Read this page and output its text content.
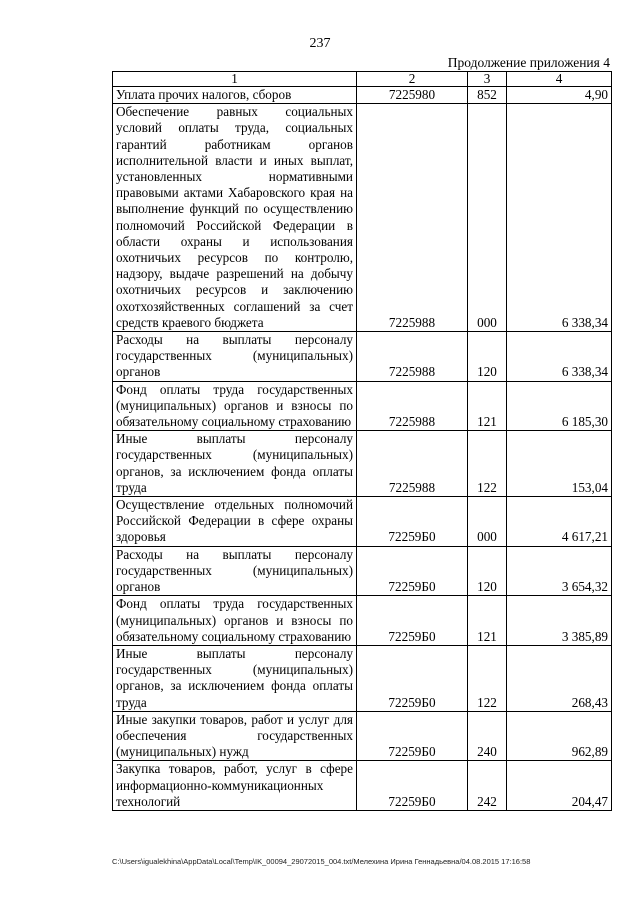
237
Продолжение приложения 4
1	2	3	4
Уплата прочих налогов, сборов	7225980	852	4,90
Обеспечение равных социальных условий оплаты труда, социальных гарантий работникам органов исполнительной власти и иных выплат, установленных нормативными правовыми актами Хабаровского края на выполнение функций по осуществлению полномочий Российской Федерации в области охраны и использования охотничьих ресурсов по контролю, надзору, выдаче разрешений на добычу охотничьих ресурсов и заключению охотхозяйственных соглашений за счет средств краевого бюджета	7225988	000	6 338,34
Расходы на выплаты персоналу государственных (муниципальных) органов	7225988	120	6 338,34
Фонд оплаты труда государственных (муниципальных) органов и взносы по обязательному социальному страхованию	7225988	121	6 185,30
Иные выплаты персоналу государственных (муниципальных) органов, за исключением фонда оплаты труда	7225988	122	153,04
Осуществление отдельных полномочий Российской Федерации в сфере охраны здоровья	72259Б0	000	4 617,21
Расходы на выплаты персоналу государственных (муниципальных) органов	72259Б0	120	3 654,32
Фонд оплаты труда государственных (муниципальных) органов и взносы по обязательному социальному страхованию	72259Б0	121	3 385,89
Иные выплаты персоналу государственных (муниципальных) органов, за исключением фонда оплаты труда	72259Б0	122	268,43
Иные закупки товаров, работ и услуг для обеспечения государственных (муниципальных) нужд	72259Б0	240	962,89
Закупка товаров, работ, услуг в сфере информационно-коммуникационных технологий	72259Б0	242	204,47
C:\Users\igualekhina\AppData\Local\Temp\IK_00094_29072015_004.txt/Мелехина Ирина Геннадьевна/04.08.2015 17:16:58
